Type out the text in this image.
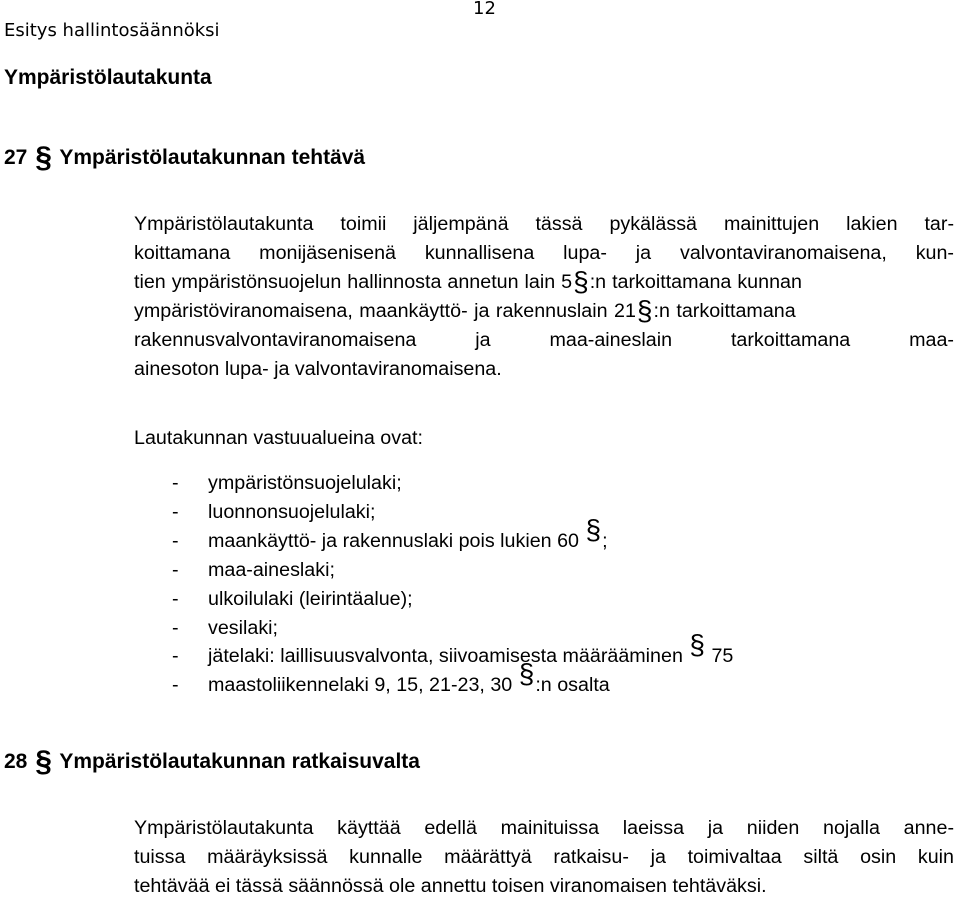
12
Esitys hallintosäännöksi
Ympäristölautakunta
27 § Ympäristölautakunnan tehtävä
Ympäristölautakunta toimii jäljempänä tässä pykälässä mainittujen lakien tar-
koittamana monijäsenisenä kunnallisena lupa- ja valvontaviranomaisena, kun-
tien ympäristönsuojelun hallinnosta annetun lain 5§:n tarkoittamana kunnan
ympäristöviranomaisena, maankäyttö- ja rakennuslain 21§:n tarkoittamana
rakennusvalvontaviranomaisena ja maa-aineslain tarkoittamana maa-
ainesoton lupa- ja valvontaviranomaisena.
Lautakunnan vastuualueina ovat:
-	ympäristönsuojelulaki;
-	luonnonsuojelulaki;
-	maankäyttö- ja rakennuslaki pois lukien 60
§ ;
-	maa-aineslaki;
-	ulkoilulaki (leirintäalue);
-	vesilaki;
-	jätelaki: laillisuusvalvonta, siivoamisesta määrääminen
§
75
-	maastoliikennelaki 9, 15, 21-23, 30
§ :n osalta
28 § Ympäristölautakunnan ratkaisuvalta
Ympäristölautakunta käyttää edellä mainituissa laeissa ja niiden nojalla anne-
tuissa määräyksissä kunnalle määrättyä ratkaisu- ja toimivaltaa siltä osin kuin
tehtävää ei tässä säännössä ole annettu toisen viranomaisen tehtäväksi.
